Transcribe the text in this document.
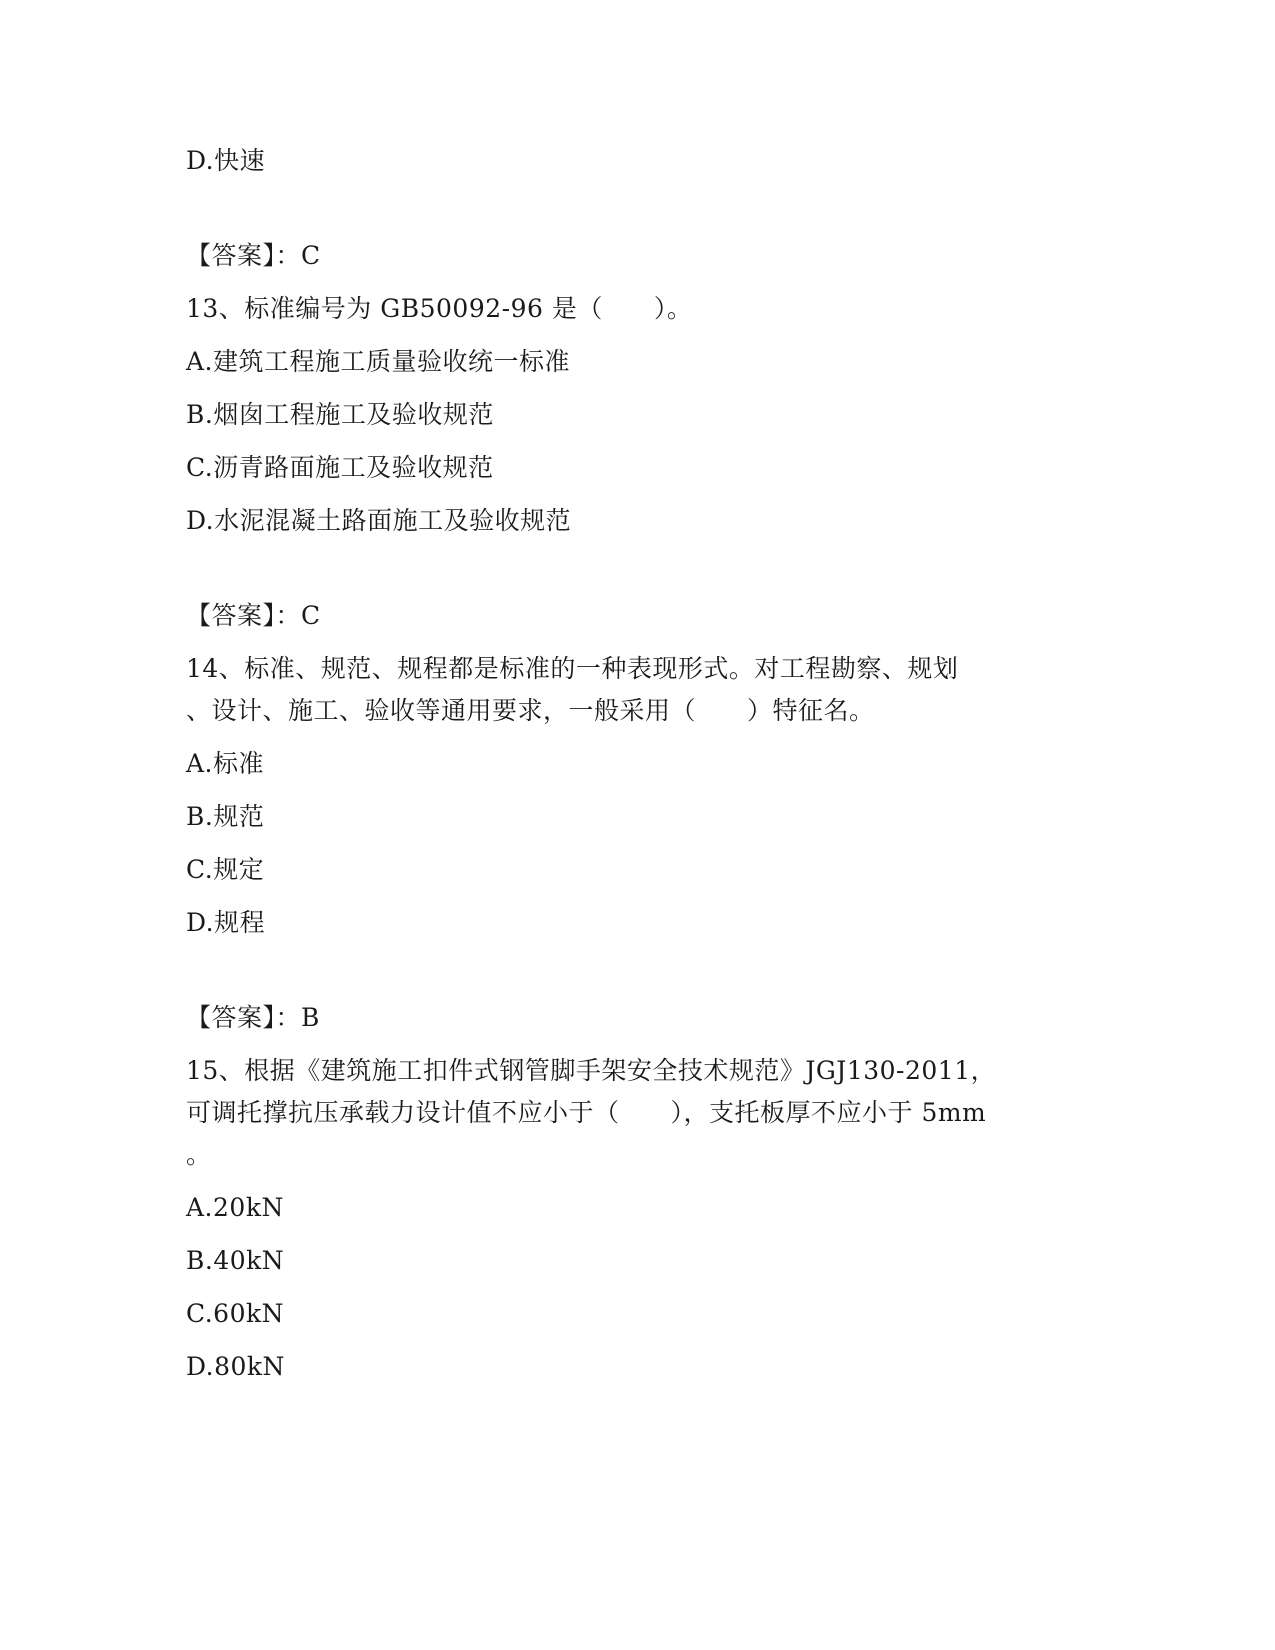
D.快速
【答案】：C
13、标准编号为 GB50092-96 是（　　）。
A.建筑工程施工质量验收统一标准
B.烟囱工程施工及验收规范
C.沥青路面施工及验收规范
D.水泥混凝土路面施工及验收规范
【答案】：C
14、标准、规范、规程都是标准的一种表现形式。对工程勘察、规划
、设计、施工、验收等通用要求，一般采用（　　）特征名。
A.标准
B.规范
C.规定
D.规程
【答案】：B
15、根据《建筑施工扣件式钢管脚手架安全技术规范》JGJ130-2011，
可调托撑抗压承载力设计值不应小于（　　），支托板厚不应小于 5mm
。
A.20kN
B.40kN
C.60kN
D.80kN
